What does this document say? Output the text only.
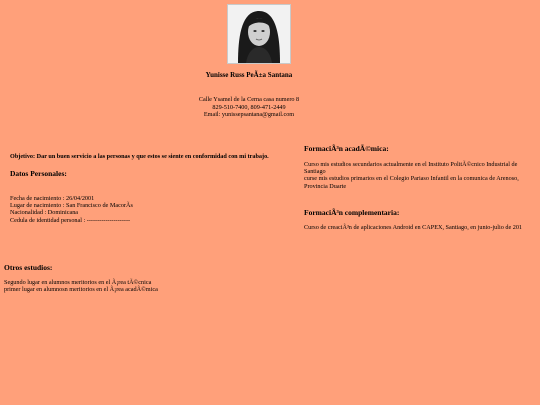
Yunisse Russ PeÃ±a Santana
Calle Ysamel de la Cerna casa numero 8
829-510-7400, 809-471-2449
Email: yunissepsantana@gmail.com
Objetivo: Dar un buen servicio a las personas y que estos se siente en conformidad con mi trabajo.
Datos Personales:
Fecha de nacimiento : 26/04/2001
Lugar de nacimiento : San Francisco de MacorÃs
Nacionalidad : Dominicana
Cedula de identidad personal : ---------------------
FormaciÃ³n acadÃ©mica:
Curso mis estudios secundarios actualmente en el Instituto PolitÃ©cnico Industrial de Santiago
curse mis estudios primarios en el Colegio Pariaso Infantil en la comunica de Arenoso, Provincia Duarte
FormaciÃ³n complementaria:
Curso de creaciÃ³n de aplicaciones Android en CAPEX, Santiago, en junio-julio de 201
Otros estudios:
Segundo lugar en alumnos meritorios en el Ã¡rea tÃ©cnica
primer lugar en alumnosn meritorios en el Ã¡rea acadÃ©mica
